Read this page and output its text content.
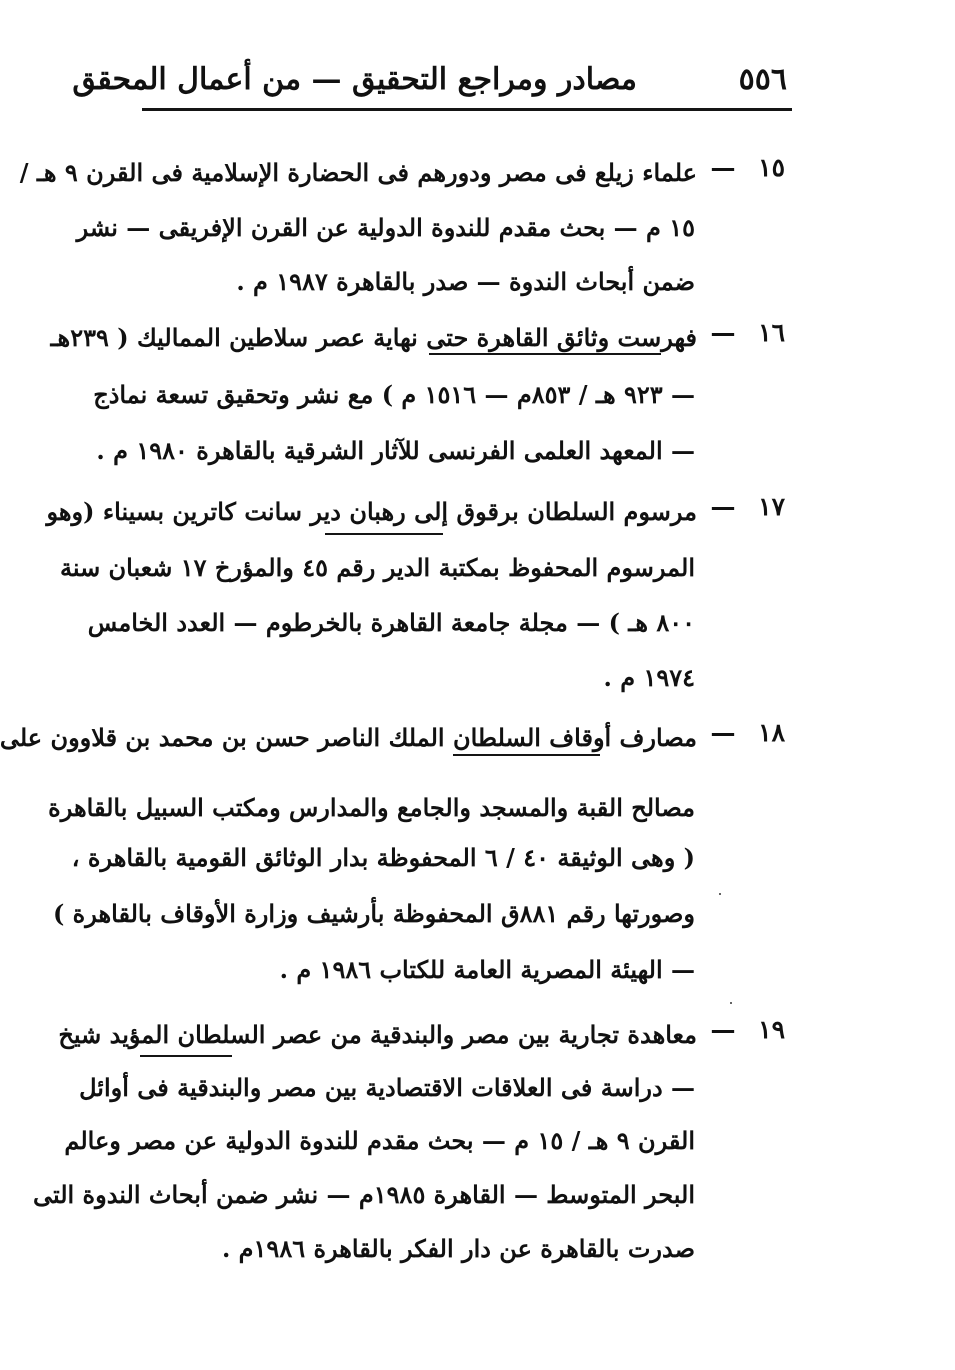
٥٥٦
مصادر ومراجع التحقيق — من أعمال المحقق
١٥
—
علماء زيلع فى مصر ودورهم فى الحضارة الإسلامية فى القرن ٩ هـ /
١٥ م — بحث مقدم للندوة الدولية عن القرن الإفريقى — نشر
ضمن أبحاث الندوة — صدر بالقاهرة ١٩٨٧ م .
١٦
—
فهرست وثائق القاهرة حتى نهاية عصر سلاطين المماليك ( ٢٣٩هـ
— ٩٢٣ هـ / ٨٥٣م — ١٥١٦ م ) مع نشر وتحقيق تسعة نماذج
— المعهد العلمى الفرنسى للآثار الشرقية بالقاهرة ١٩٨٠ م .
١٧
—
مرسوم السلطان برقوق إلى رهبان دير سانت كاترين بسيناء (وهو
المرسوم المحفوظ بمكتبة الدير رقم ٤٥ والمؤرخ ١٧ شعبان سنة
٨٠٠ هـ ) — مجلة جامعة القاهرة بالخرطوم — العدد الخامس
١٩٧٤ م .
١٨
—
مصارف أوقاف السلطان الملك الناصر حسن بن محمد بن قلاوون على
مصالح القبة والمسجد والجامع والمدارس ومكتب السبيل بالقاهرة
( وهى الوثيقة ٤٠ / ٦ المحفوظة بدار الوثائق القومية بالقاهرة ،
وصورتها رقم ٨٨١ق المحفوظة بأرشيف وزارة الأوقاف بالقاهرة )
— الهيئة المصرية العامة للكتاب ١٩٨٦ م .
١٩
—
معاهدة تجارية بين مصر والبندقية من عصر السلطان المؤيد شيخ
— دراسة فى العلاقات الاقتصادية بين مصر والبندقية فى أوائل
القرن ٩ هـ / ١٥ م — بحث مقدم للندوة الدولية عن مصر وعالم
البحر المتوسط — القاهرة ١٩٨٥م — نشر ضمن أبحاث الندوة التى
صدرت بالقاهرة عن دار الفكر بالقاهرة ١٩٨٦م .
